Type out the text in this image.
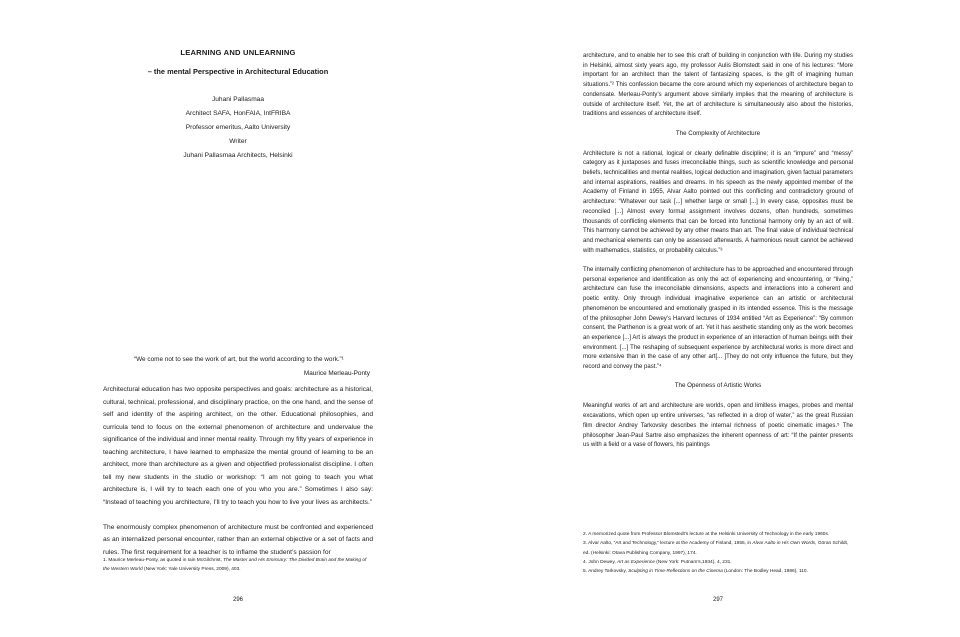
LEARNING AND UNLEARNING
– the mental Perspective in Architectural Education

Juhani Pallasmaa

Architect SAFA, HonFAIA, IntFRIBA

Professor emeritus, Aalto University

Writer

Juhani Pallasmaa Architects, Helsinki

“We come not to see the work of art, but the world according to the work.”¹

Maurice Merleau-Ponty

Architectural education has two opposite perspectives and goals: architecture as a historical, cultural, technical, professional, and disciplinary practice, on the one hand, and the sense of self and identity of the aspiring architect, on the other. Educational philosophies, and curricula tend to focus on the external phenomenon of architecture and undervalue the significance of the individual and inner mental reality. Through my fifty years of experience in teaching architecture, I have learned to emphasize the mental ground of learning to be an architect, more than architecture as a given and objectified professionalist discipline. I often tell my new students in the studio or workshop: “I am not going to teach you what architecture is, I will try to teach each one of you who you are.” Sometimes I also say: “Instead of teaching you architecture, I’ll try to teach you how to live your lives as architects.”

The enormously complex phenomenon of architecture must be confronted and experienced as an internalized personal encounter, rather than an external objective or a set of facts and rules. The first requirement for a teacher is to inflame the student’s passion for

1. Maurice Merleau-Ponty, as quoted in Iain McGilchrist, The Master and His Emissary: The Divided Brain and the Making of the Western World (New York: Yale University Press, 2009), 403.

296

architecture, and to enable her to see this craft of building in conjunction with life. During my studies in Helsinki, almost sixty years ago, my professor Aulis Blomstedt said in one of his lectures: “More important for an architect than the talent of fantasizing spaces, is the gift of imagining human situations.”² This confession became the core around which my experiences of architecture began to condensate. Merleau-Ponty’s argument above similarly implies that the meaning of architecture is outside of architecture itself. Yet, the art of architecture is simultaneously also about the histories, traditions and essences of architecture itself.

The Complexity of Architecture

Architecture is not a rational, logical or clearly definable discipline; it is an “impure” and “messy” category as it juxtaposes and fuses irreconcilable things, such as scientific knowledge and personal beliefs, technicalities and mental realities, logical deduction and imagination, given factual parameters and internal aspirations, realities and dreams. In his speech as the newly appointed member of the Academy of Finland in 1955, Alvar Aalto pointed out this conflicting and contradictory ground of architecture: “Whatever our task [...] whether large or small [...] In every case, opposites must be reconciled [...] Almost every formal assignment involves dozens, often hundreds, sometimes thousands of conflicting elements that can be forced into functional harmony only by an act of will. This harmony cannot be achieved by any other means than art. The final value of individual technical and mechanical elements can only be assessed afterwards. A harmonious result cannot be achieved with mathematics, statistics, or probability calculus.”³

The internally conflicting phenomenon of architecture has to be approached and encountered through personal experience and identification as only the act of experiencing and encountering, or “living,” architecture can fuse the irreconcilable dimensions, aspects and interactions into a coherent and poetic entity. Only through individual imaginative experience can an artistic or architectural phenomenon be encountered and emotionally grasped in its intended essence. This is the message of the philosopher John Dewey’s Harvard lectures of 1934 entitled “Art as Experience”: “By common consent, the Parthenon is a great work of art. Yet it has aesthetic standing only as the work becomes an experience [...] Art is always the product in experience of an interaction of human beings with their environment. [...] The reshaping of subsequent experience by architectural works is more direct and more extensive than in the case of any other art[... ]They do not only influence the future, but they record and convey the past.”⁴

The Openness of Artistic Works

Meaningful works of art and architecture are worlds, open and limitless images, probes and mental excavations, which open up entire universes, “as reflected in a drop of water,” as the great Russian film director Andrey Tarkovsky describes the internal richness of poetic cinematic images.⁵ The philosopher Jean-Paul Sartre also emphasizes the inherent openness of art: “If the painter presents us with a field or a vase of flowers, his paintings

2. A memorized quote from Professor Blomstedt’s lecture at the Helsinki University of Technology in the early 1960s.

3. Alvar Aalto, “Art and Technology,” lecture at the Academy of Finland, 1955, in Alvar Aalto in His Own Words, Göran Schildt, ed. (Helsinki: Otava Publishing Company, 1997), 174.

4. John Dewey, Art as Experience (New York: Putnam’s,1934), 4, 231.

5. Andrey Tarkovsky, Sculpting in Time-Reflections on the Cinema (London: The Bodley Head, 1986), 110.

297
